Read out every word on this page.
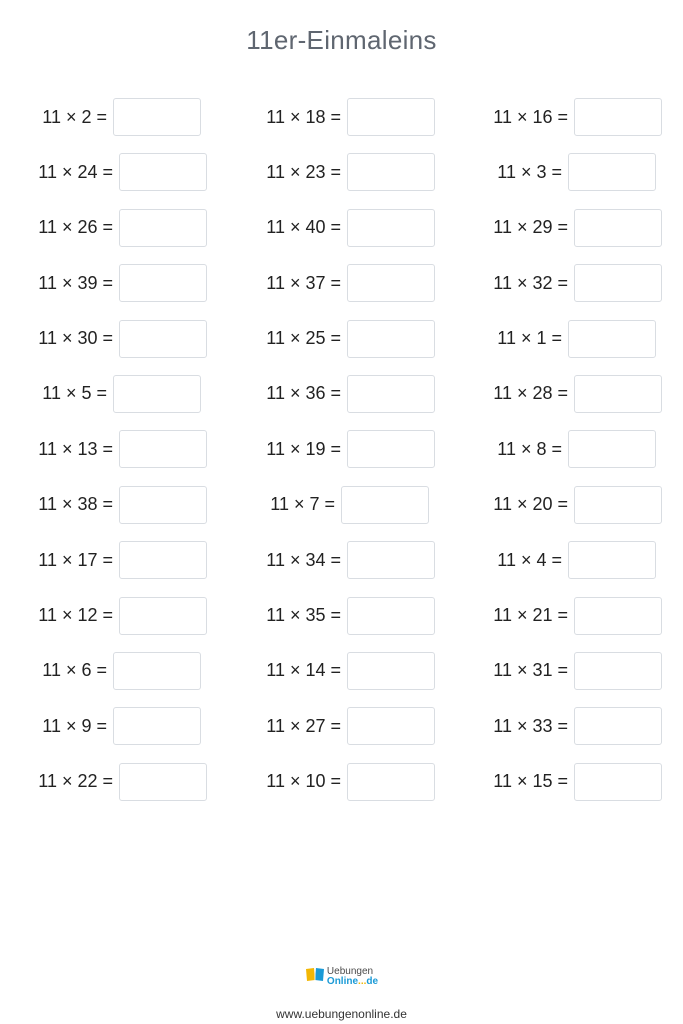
11er-Einmaleins
11 × 2 =	11 × 18 =	11 × 16 =
11 × 24 =	11 × 23 =	11 × 3 =
11 × 26 =	11 × 40 =	11 × 29 =
11 × 39 =	11 × 37 =	11 × 32 =
11 × 30 =	11 × 25 =	11 × 1 =
11 × 5 =	11 × 36 =	11 × 28 =
11 × 13 =	11 × 19 =	11 × 8 =
11 × 38 =	11 × 7 =	11 × 20 =
11 × 17 =	11 × 34 =	11 × 4 =
11 × 12 =	11 × 35 =	11 × 21 =
11 × 6 =	11 × 14 =	11 × 31 =
11 × 9 =	11 × 27 =	11 × 33 =
11 × 22 =	11 × 10 =	11 × 15 =
Uebungen
Online...de
www.uebungenonline.de
